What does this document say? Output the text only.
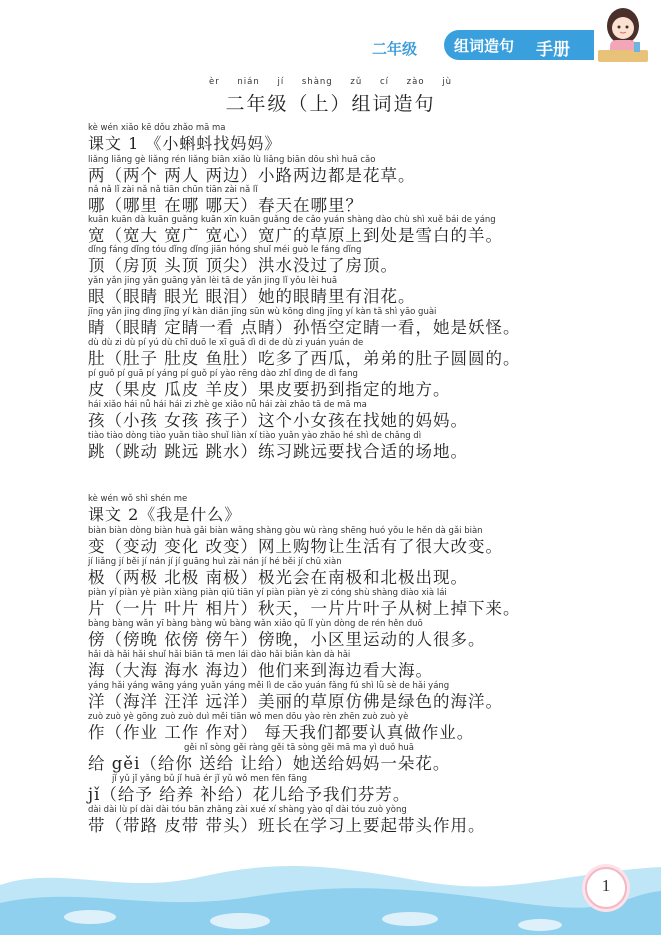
二年级 组词造句 手册
èr nián jí shàng zǔ cí zào jù
二年级（上）组词造句
kè wén xiǎo kē dǒu zhǎo mā ma
课文 1 《小蝌蚪找妈妈》
liǎng liǎng gè liǎng rén liǎng biān xiǎo lù liǎng biān dōu shì huā cǎo
两（两个 两人 两边）小路两边都是花草。
nǎ nǎ lǐ zài nǎ nǎ tiān chūn tiān zài nǎ lǐ
哪（哪里 在哪 哪天）春天在哪里？
kuān kuān dà kuān guǎng kuān xīn kuān guǎng de cǎo yuán shàng dào chù shì xuě bái de yáng
宽（宽大 宽广 宽心）宽广的草原上到处是雪白的羊。
dǐng fáng dǐng tóu dǐng dǐng jiān hóng shuǐ méi guò le fáng dǐng
顶（房顶 头顶 顶尖）洪水没过了房顶。
yǎn yǎn jing yǎn guāng yǎn lèi tā de yǎn jing lǐ yǒu lèi huā
眼（眼睛 眼光 眼泪）她的眼睛里有泪花。
jīng yǎn jing dìng jīng yí kàn diǎn jīng sūn wù kōng dìng jīng yí kàn tā shì yāo guài
睛（眼睛 定睛一看 点睛）孙悟空定睛一看，她是妖怪。
dù dù zi dù pí yú dù chī duō le xī guā dì di de dù zi yuán yuán de
肚（肚子 肚皮 鱼肚）吃多了西瓜，弟弟的肚子圆圆的。
pí guǒ pí guā pí yáng pí guǒ pí yào rēng dào zhǐ dìng de dì fang
皮（果皮 瓜皮 羊皮）果皮要扔到指定的地方。
hái xiǎo hái nǚ hái hái zi zhè ge xiǎo nǚ hái zài zhǎo tā de mā ma
孩（小孩 女孩 孩子）这个小女孩在找她的妈妈。
tiào tiào dòng tiào yuǎn tiào shuǐ liàn xí tiào yuǎn yào zhǎo hé shì de chǎng dì
跳（跳动 跳远 跳水）练习跳远要找合适的场地。
kè wén wǒ shì shén me
课文 2《我是什么》
biàn biàn dòng biàn huà gǎi biàn wǎng shàng gòu wù ràng shēng huó yǒu le hěn dà gǎi biàn
变（变动 变化 改变）网上购物让生活有了很大改变。
jí liǎng jí běi jí nán jí jí guāng huì zài nán jí hé běi jí chū xiàn
极（两极 北极 南极）极光会在南极和北极出现。
piàn yí piàn yè piàn xiàng piàn qiū tiān yí piàn piàn yè zi cóng shù shàng diào xià lái
片（一片 叶片 相片）秋天，一片片叶子从树上掉下来。
bàng bàng wǎn yī bàng bàng wǔ bàng wǎn xiǎo qū lǐ yùn dòng de rén hěn duō
傍（傍晚 依傍 傍午）傍晚，小区里运动的人很多。
hǎi dà hǎi hǎi shuǐ hǎi biān tā men lái dào hǎi biān kàn dà hǎi
海（大海 海水 海边）他们来到海边看大海。
yáng hǎi yáng wāng yáng yuǎn yáng měi lì de cǎo yuán fǎng fú shì lǜ sè de hǎi yáng
洋（海洋 汪洋 远洋）美丽的草原仿佛是绿色的海洋。
zuò zuò yè gōng zuò zuò duì měi tiān wǒ men dōu yào rèn zhēn zuò zuò yè
作（作业 工作 作对） 每天我们都要认真做作业。
gěi nǐ sòng gěi ràng gěi tā sòng gěi mā ma yì duǒ huā
给 gěi（给你 送给 让给）她送给妈妈一朵花。
jǐ yǔ jǐ yǎng bǔ jǐ huā ér jǐ yǔ wǒ men fēn fāng
jǐ（给予 给养 补给）花儿给予我们芬芳。
dài dài lù pí dài dài tóu bān zhǎng zài xué xí shàng yào qǐ dài tóu zuò yòng
带（带路 皮带 带头）班长在学习上要起带头作用。
1
